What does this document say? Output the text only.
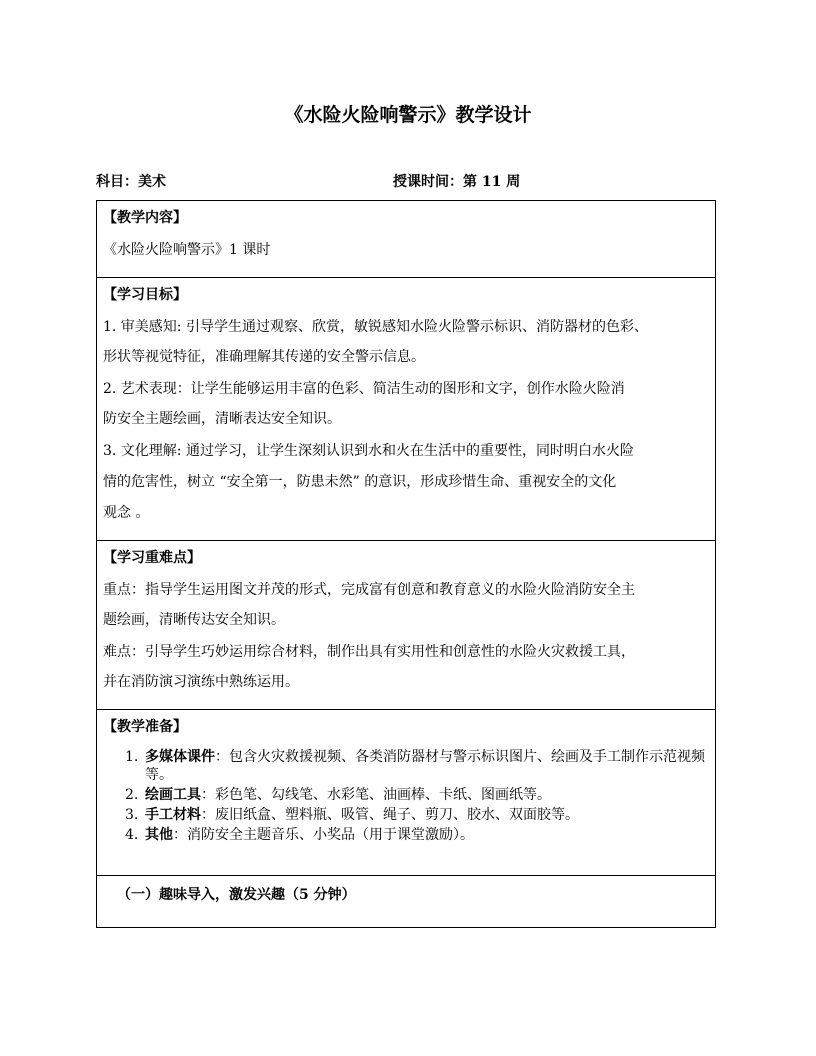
《水险火险响警示》教学设计
科目：美术	授课时间：第 11 周
【教学内容】
《水险火险响警示》1 课时
【学习目标】
1. 审美感知: 引导学生通过观察、欣赏，敏锐感知水险火险警示标识、消防器材的色彩、
形状等视觉特征，准确理解其传递的安全警示信息。
2. 艺术表现：让学生能够运用丰富的色彩、简洁生动的图形和文字，创作水险火险消
防安全主题绘画，清晰表达安全知识。
3. 文化理解: 通过学习，让学生深刻认识到水和火在生活中的重要性，同时明白水火险
情的危害性，树立 “安全第一，防患未然” 的意识，形成珍惜生命、重视安全的文化
观念 。
【学习重难点】
重点：指导学生运用图文并茂的形式，完成富有创意和教育意义的水险火险消防安全主
题绘画，清晰传达安全知识。
难点：引导学生巧妙运用综合材料，制作出具有实用性和创意性的水险火灾救援工具，
并在消防演习演练中熟练运用。
【教学准备】
1. 多媒体课件：包含火灾救援视频、各类消防器材与警示标识图片、绘画及手工制作示范视频等。
2. 绘画工具：彩色笔、勾线笔、水彩笔、油画棒、卡纸、图画纸等。
3. 手工材料：废旧纸盒、塑料瓶、吸管、绳子、剪刀、胶水、双面胶等。
4. 其他：消防安全主题音乐、小奖品（用于课堂激励）。
（一）趣味导入，激发兴趣（5 分钟）
